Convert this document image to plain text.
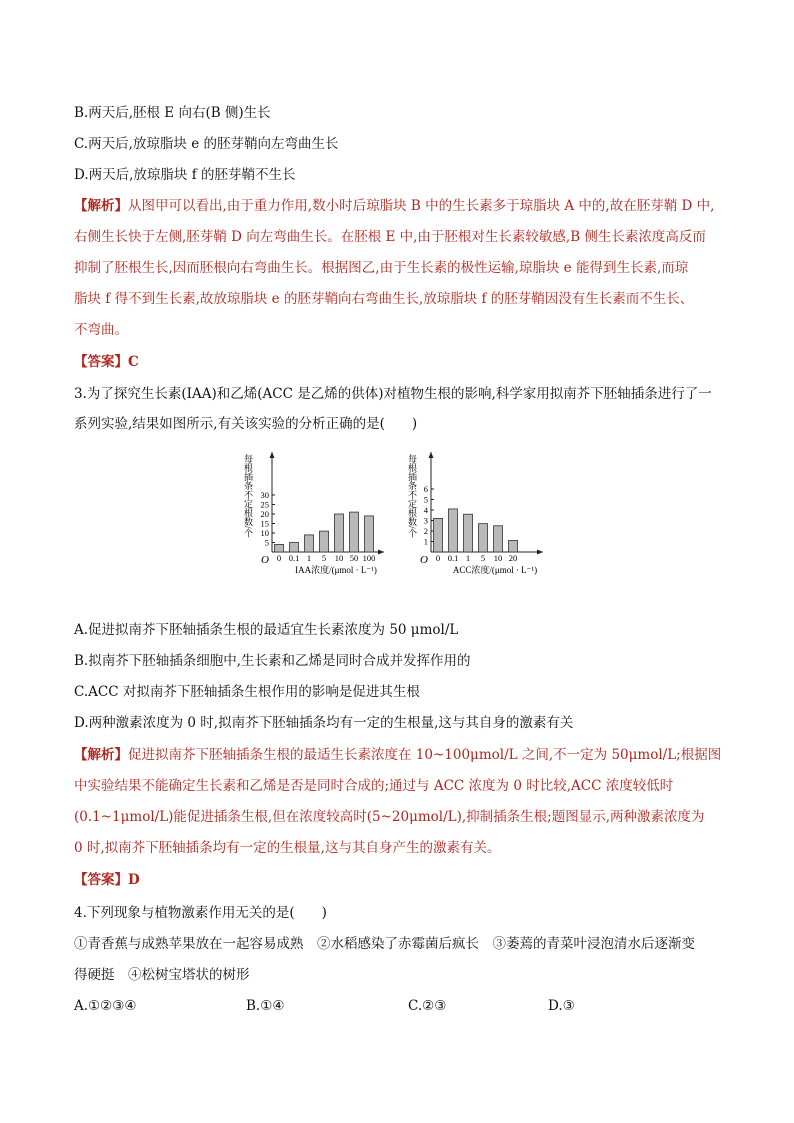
B.两天后,胚根 E 向右(B 侧)生长
C.两天后,放琼脂块 e 的胚芽鞘向左弯曲生长
D.两天后,放琼脂块 f 的胚芽鞘不生长
【解析】从图甲可以看出,由于重力作用,数小时后琼脂块 B 中的生长素多于琼脂块 A 中的,故在胚芽鞘 D 中,
右侧生长快于左侧,胚芽鞘 D 向左弯曲生长。在胚根 E 中,由于胚根对生长素较敏感,B 侧生长素浓度高反而
抑制了胚根生长,因而胚根向右弯曲生长。根据图乙,由于生长素的极性运输,琼脂块 e 能得到生长素,而琼
脂块 f 得不到生长素,故放琼脂块 e 的胚芽鞘向右弯曲生长,放琼脂块 f 的胚芽鞘因没有生长素而不生长、
不弯曲。
【答案】C
3.为了探究生长素(IAA)和乙烯(ACC 是乙烯的供体)对植物生根的影响,科学家用拟南芥下胚轴插条进行了一
系列实验,结果如图所示,有关该实验的分析正确的是(　　)
O
5
10
15
20
25
30
0 0.1 1 5 10 50 100
IAA浓度/(μmol · L⁻¹)
每根插条不定根数/个
O
1
2
3
4
5
6
0 0.1 1 5 10 20
ACC浓度/(μmol · L⁻¹)
每根插条不定根数/个
A.促进拟南芥下胚轴插条生根的最适宜生长素浓度为 50 μmol/L
B.拟南芥下胚轴插条细胞中,生长素和乙烯是同时合成并发挥作用的
C.ACC 对拟南芥下胚轴插条生根作用的影响是促进其生根
D.两种激素浓度为 0 时,拟南芥下胚轴插条均有一定的生根量,这与其自身的激素有关
【解析】促进拟南芥下胚轴插条生根的最适生长素浓度在 10~100μmol/L 之间,不一定为 50μmol/L;根据图
中实验结果不能确定生长素和乙烯是否是同时合成的;通过与 ACC 浓度为 0 时比较,ACC 浓度较低时
(0.1~1μmol/L)能促进插条生根,但在浓度较高时(5~20μmol/L),抑制插条生根;题图显示,两种激素浓度为
0 时,拟南芥下胚轴插条均有一定的生根量,这与其自身产生的激素有关。
【答案】D
4.下列现象与植物激素作用无关的是(　　)
①青香蕉与成熟苹果放在一起容易成熟　②水稻感染了赤霉菌后疯长　③萎蔫的青菜叶浸泡清水后逐渐变
得硬挺　④松树宝塔状的树形
A.①②③④	B.①④	C.②③	D.③
